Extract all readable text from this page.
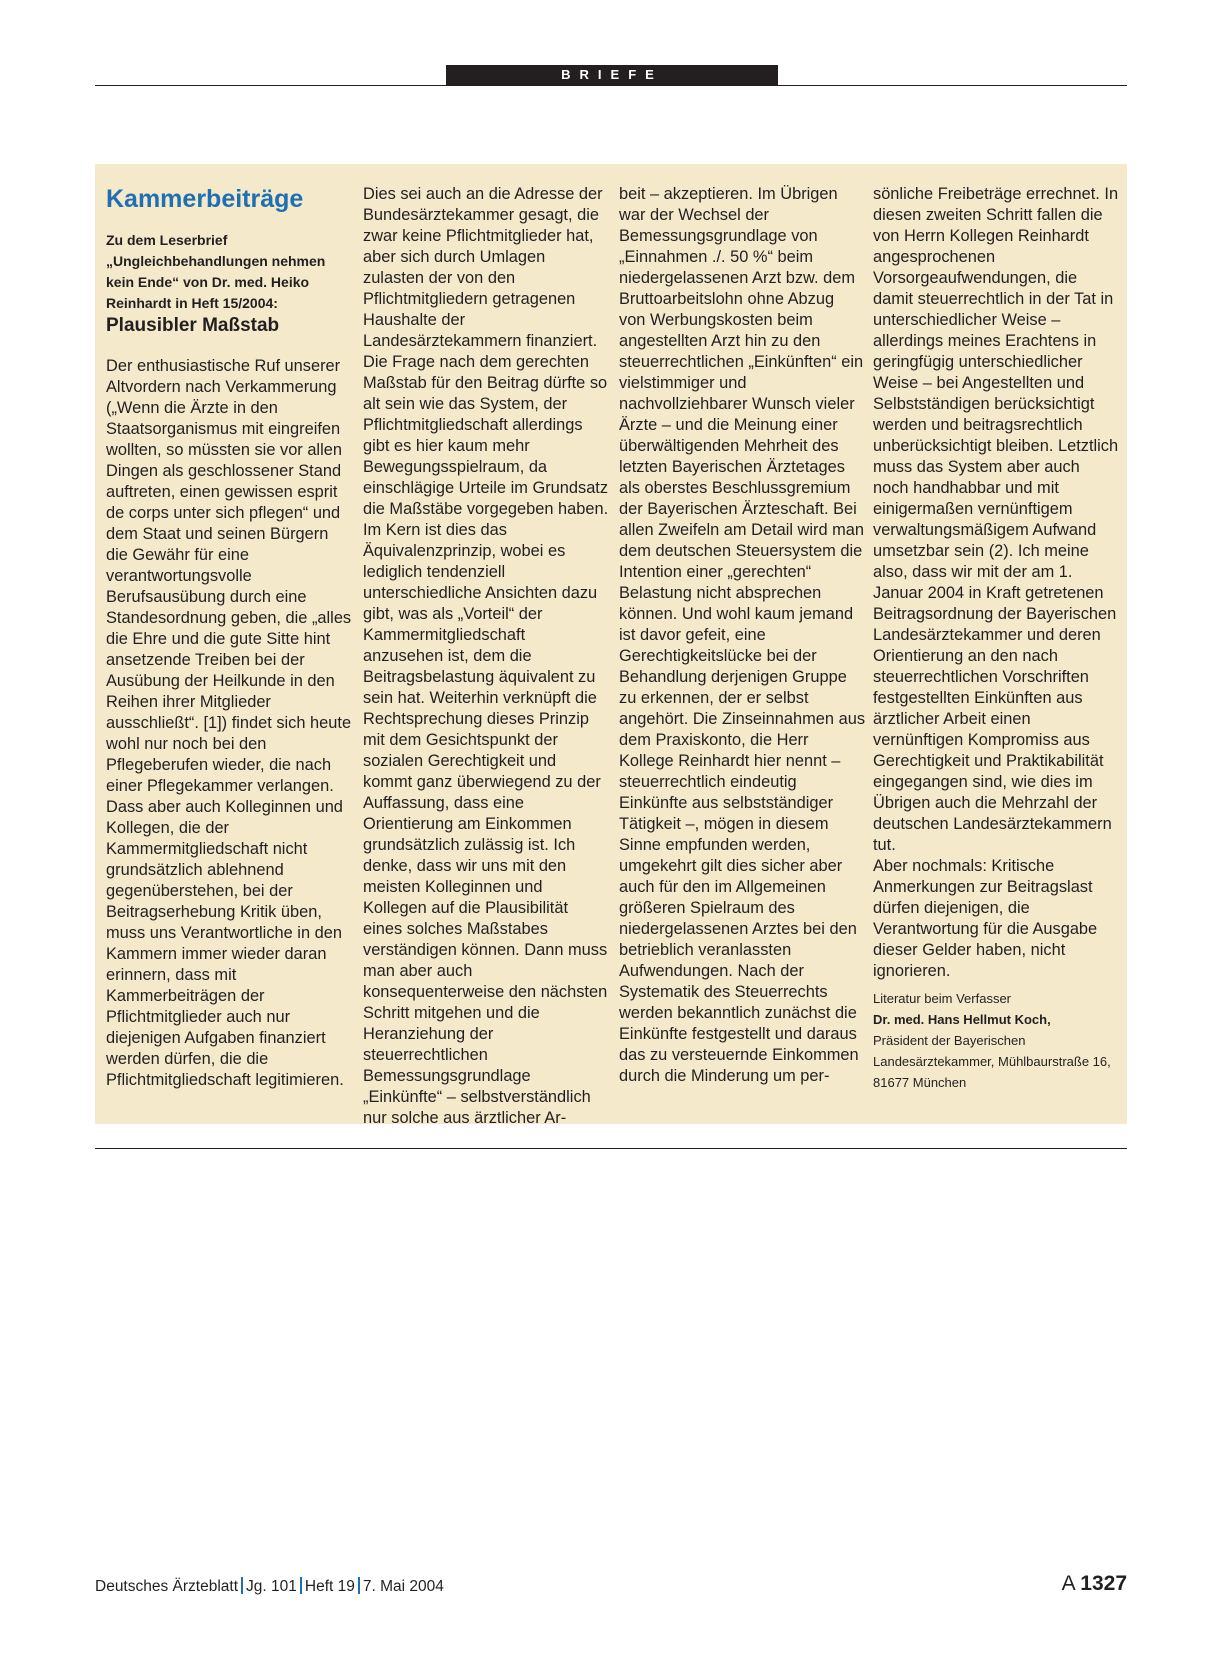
BRIEFE
Kammerbeiträge

Zu dem Leserbrief „Ungleichbehandlungen nehmen kein Ende“ von Dr. med. Heiko Reinhardt in Heft 15/2004:

Plausibler Maßstab

Der enthusiastische Ruf unserer Altvordern nach Verkammerung („Wenn die Ärzte in den Staatsorganismus mit eingreifen wollten, so müssten sie vor allen Dingen als geschlossener Stand auftreten, einen gewissen esprit de corps unter sich pflegen“ und dem Staat und seinen Bürgern die Gewähr für eine verantwortungsvolle Berufsausübung durch eine Standesordnung geben, die „alles die Ehre und die gute Sitte hint ansetzende Treiben bei der Ausübung der Heilkunde in den Reihen ihrer Mitglieder ausschließt“. [1]) findet sich heute wohl nur noch bei den Pflegeberufen wieder, die nach einer Pflegekammer verlangen. Dass aber auch Kolleginnen und Kollegen, die der Kammermitgliedschaft nicht grundsätzlich ablehnend gegenüberstehen, bei der Beitragserhebung Kritik üben, muss uns Verantwortliche in den Kammern immer wieder daran erinnern, dass mit Kammerbeiträgen der Pflichtmitglieder auch nur diejenigen Aufgaben finanziert werden dürfen, die die Pflichtmitgliedschaft legitimieren.

Dies sei auch an die Adresse der Bundesärztekammer gesagt, die zwar keine Pflichtmitglieder hat, aber sich durch Umlagen zulasten der von den Pflichtmitgliedern getragenen Haushalte der Landesärztekammern finanziert.

Die Frage nach dem gerechten Maßstab für den Beitrag dürfte so alt sein wie das System, der Pflichtmitgliedschaft allerdings gibt es hier kaum mehr Bewegungsspielraum, da einschlägige Urteile im Grundsatz die Maßstäbe vorgegeben haben. Im Kern ist dies das Äquivalenzprinzip, wobei es lediglich tendenziell unterschiedliche Ansichten dazu gibt, was als „Vorteil“ der Kammermitgliedschaft anzusehen ist, dem die Beitragsbelastung äquivalent zu sein hat. Weiterhin verknüpft die Rechtsprechung dieses Prinzip mit dem Gesichtspunkt der sozialen Gerechtigkeit und kommt ganz überwiegend zu der Auffassung, dass eine Orientierung am Einkommen grundsätzlich zulässig ist. Ich denke, dass wir uns mit den meisten Kolleginnen und Kollegen auf die Plausibilität eines solches Maßstabes verständigen können. Dann muss man aber auch konsequenterweise den nächsten Schritt mitgehen und die Heranziehung der steuerrechtlichen Bemessungsgrundlage „Einkünfte“ – selbstverständlich nur solche aus ärztlicher Ar-

beit – akzeptieren. Im Übrigen war der Wechsel der Bemessungsgrundlage von „Einnahmen ./. 50 %“ beim niedergelassenen Arzt bzw. dem Bruttoarbeitslohn ohne Abzug von Werbungskosten beim angestellten Arzt hin zu den steuerrechtlichen „Einkünften“ ein vielstimmiger und nachvollziehbarer Wunsch vieler Ärzte – und die Meinung einer überwältigenden Mehrheit des letzten Bayerischen Ärztetages als oberstes Beschlussgremium der Bayerischen Ärzteschaft. Bei allen Zweifeln am Detail wird man dem deutschen Steuersystem die Intention einer „gerechten“ Belastung nicht absprechen können. Und wohl kaum jemand ist davor gefeit, eine Gerechtigkeitslücke bei der Behandlung derjenigen Gruppe zu erkennen, der er selbst angehört. Die Zinseinnahmen aus dem Praxiskonto, die Herr Kollege Reinhardt hier nennt – steuerrechtlich eindeutig Einkünfte aus selbstständiger Tätigkeit –, mögen in diesem Sinne empfunden werden, umgekehrt gilt dies sicher aber auch für den im Allgemeinen größeren Spielraum des niedergelassenen Arztes bei den betrieblich veranlassten Aufwendungen. Nach der Systematik des Steuerrechts werden bekanntlich zunächst die Einkünfte festgestellt und daraus das zu versteuernde Einkommen durch die Minderung um per-

sönliche Freibeträge errechnet. In diesen zweiten Schritt fallen die von Herrn Kollegen Reinhardt angesprochenen Vorsorgeaufwendungen, die damit steuerrechtlich in der Tat in unterschiedlicher Weise – allerdings meines Erachtens in geringfügig unterschiedlicher Weise – bei Angestellten und Selbstständigen berücksichtigt werden und beitragsrechtlich unberücksichtigt bleiben. Letztlich muss das System aber auch noch handhabbar und mit einigermaßen vernünftigem verwaltungsmäßigem Aufwand umsetzbar sein (2). Ich meine also, dass wir mit der am 1. Januar 2004 in Kraft getretenen Beitragsordnung der Bayerischen Landesärztekammer und deren Orientierung an den nach steuerrechtlichen Vorschriften festgestellten Einkünften aus ärztlicher Arbeit einen vernünftigen Kompromiss aus Gerechtigkeit und Praktikabilität eingegangen sind, wie dies im Übrigen auch die Mehrzahl der deutschen Landesärztekammern tut.

Aber nochmals: Kritische Anmerkungen zur Beitragslast dürfen diejenigen, die Verantwortung für die Ausgabe dieser Gelder haben, nicht ignorieren.

Literatur beim Verfasser
Dr. med. Hans Hellmut Koch,
Präsident der Bayerischen Landesärztekammer, Mühlbaurstraße 16,
81677 München
Deutsches Ärzteblatt Jg. 101 Heft 19 7. Mai 2004	A 1327
